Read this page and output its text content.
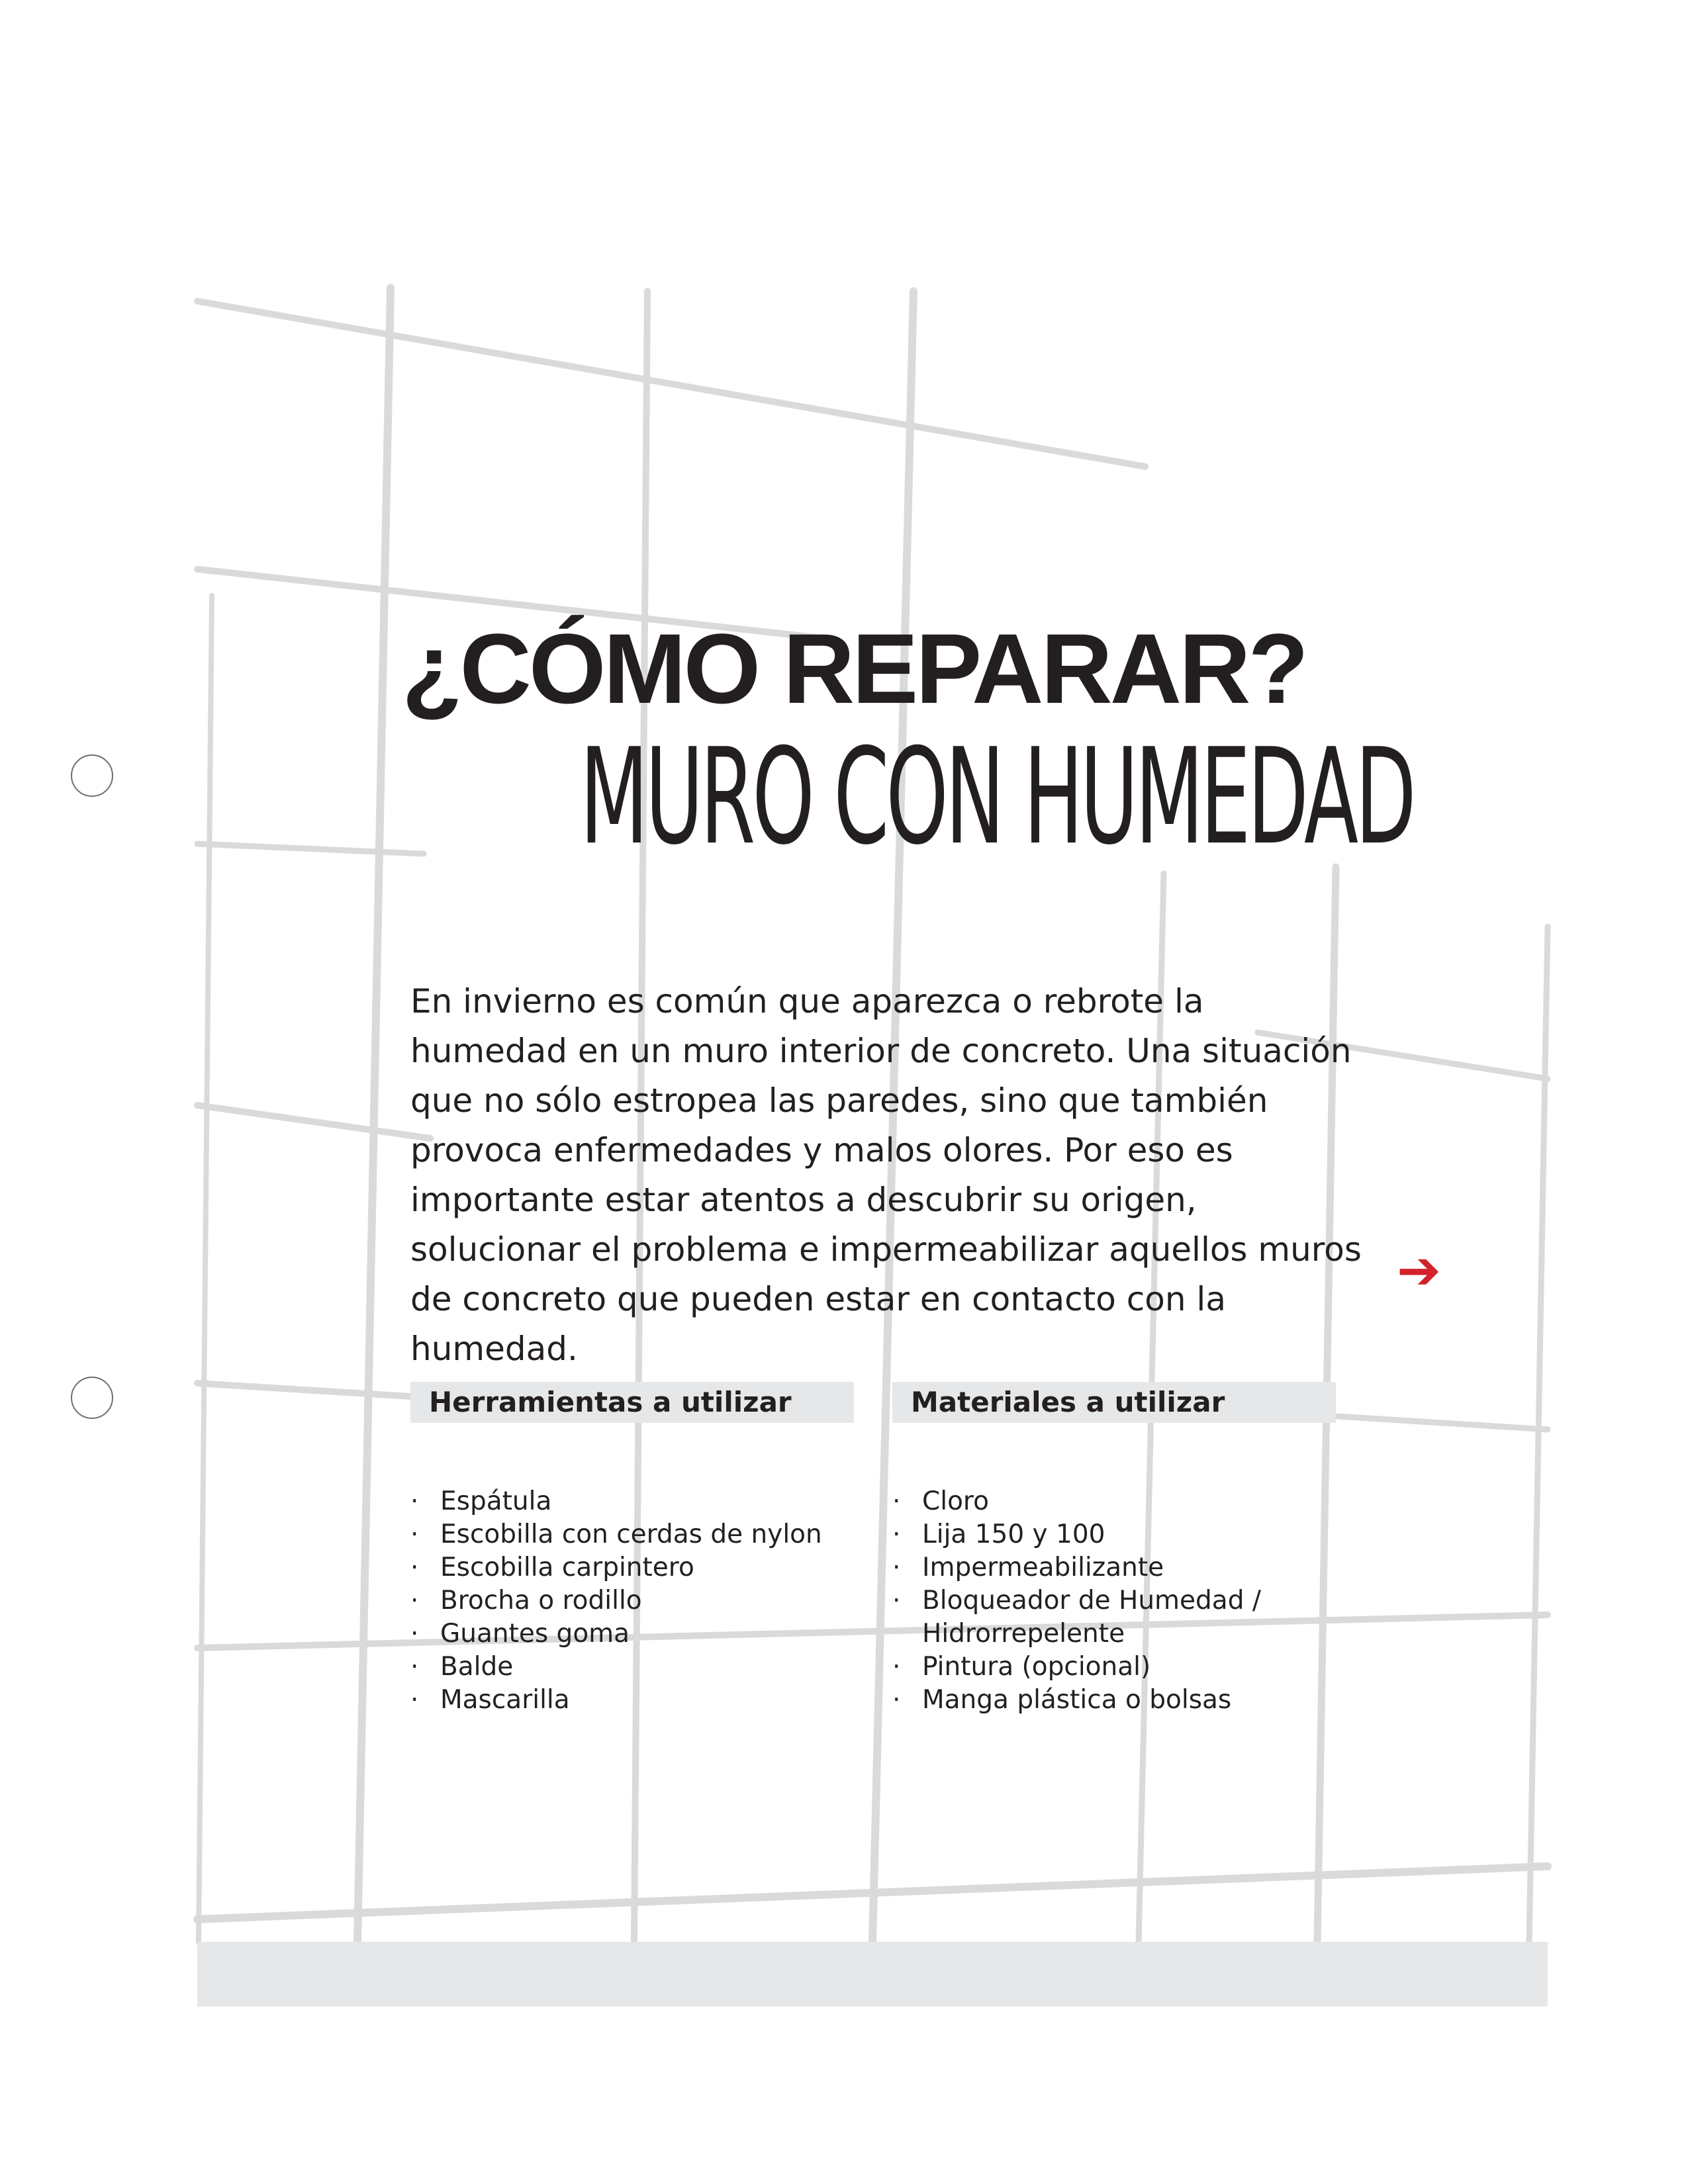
¿CÓMO REPARAR?
MURO CON HUMEDAD
En invierno es común que aparezca o rebrote la humedad en un muro interior de concreto. Una situación que no sólo estropea las paredes, sino que también provoca enfermedades y malos olores. Por eso es importante estar atentos a descubrir su origen, solucionar el problema e impermeabilizar aquellos muros de concreto que pueden estar en contacto con la humedad.
➔
Herramientas a utilizar	Materiales a utilizar
· Espátula
· Escobilla con cerdas de nylon
· Escobilla carpintero
· Brocha o rodillo
· Guantes goma
· Balde
· Mascarilla
· Cloro
· Lija 150 y 100
· Impermeabilizante
· Bloqueador de Humedad / Hidrorrepelente
· Pintura (opcional)
· Manga plástica o bolsas
